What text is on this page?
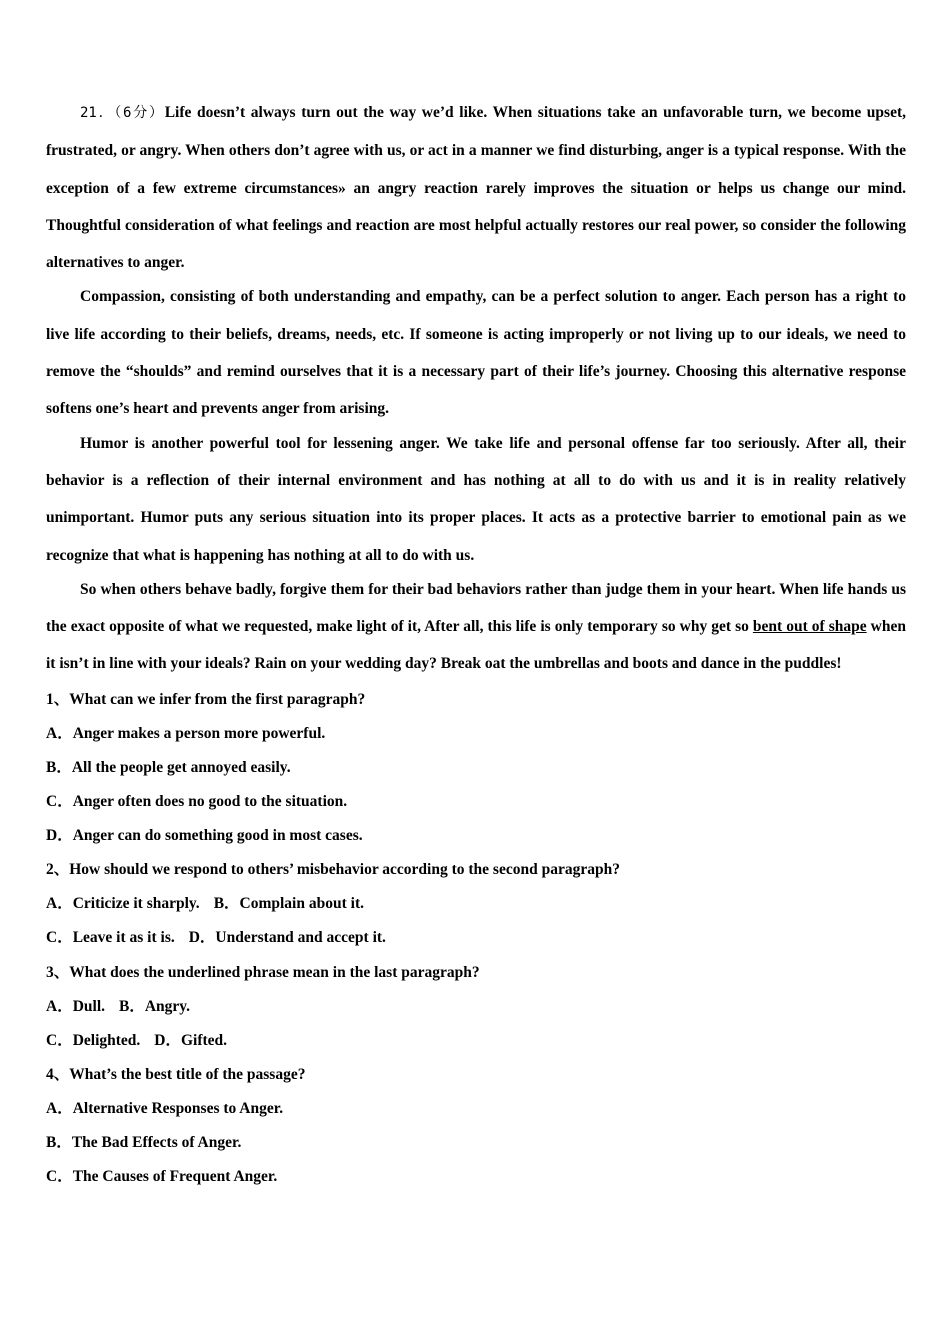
21．（6分）Life doesn’t always turn out the way we’d like. When situations take an unfavorable turn, we become upset, frustrated, or angry. When others don’t agree with us, or act in a manner we find disturbing, anger is a typical response. With the exception of a few extreme circumstances» an angry reaction rarely improves the situation or helps us change our mind. Thoughtful consideration of what feelings and reaction are most helpful actually restores our real power, so consider the following alternatives to anger.

Compassion, consisting of both understanding and empathy, can be a perfect solution to anger. Each person has a right to live life according to their beliefs, dreams, needs, etc. If someone is acting improperly or not living up to our ideals, we need to remove the “shoulds” and remind ourselves that it is a necessary part of their life’s journey. Choosing this alternative response softens one’s heart and prevents anger from arising.

Humor is another powerful tool for lessening anger. We take life and personal offense far too seriously. After all, their behavior is a reflection of their internal environment and has nothing at all to do with us and it is in reality relatively unimportant. Humor puts any serious situation into its proper places. It acts as a protective barrier to emotional pain as we recognize that what is happening has nothing at all to do with us.

So when others behave badly, forgive them for their bad behaviors rather than judge them in your heart. When life hands us the exact opposite of what we requested, make light of it, After all, this life is only temporary so why get so bent out of shape when it isn’t in line with your ideals? Rain on your wedding day? Break oat the umbrellas and boots and dance in the puddles!

1、What can we infer from the first paragraph?
A．Anger makes a person more powerful.
B．All the people get annoyed easily.
C．Anger often does no good to the situation.
D．Anger can do something good in most cases.
2、How should we respond to others’ misbehavior according to the second paragraph?
A．Criticize it sharply. B．Complain about it.
C．Leave it as it is. D．Understand and accept it.
3、What does the underlined phrase mean in the last paragraph?
A．Dull. B．Angry.
C．Delighted. D．Gifted.
4、What’s the best title of the passage?
A．Alternative Responses to Anger.
B．The Bad Effects of Anger.
C．The Causes of Frequent Anger.
